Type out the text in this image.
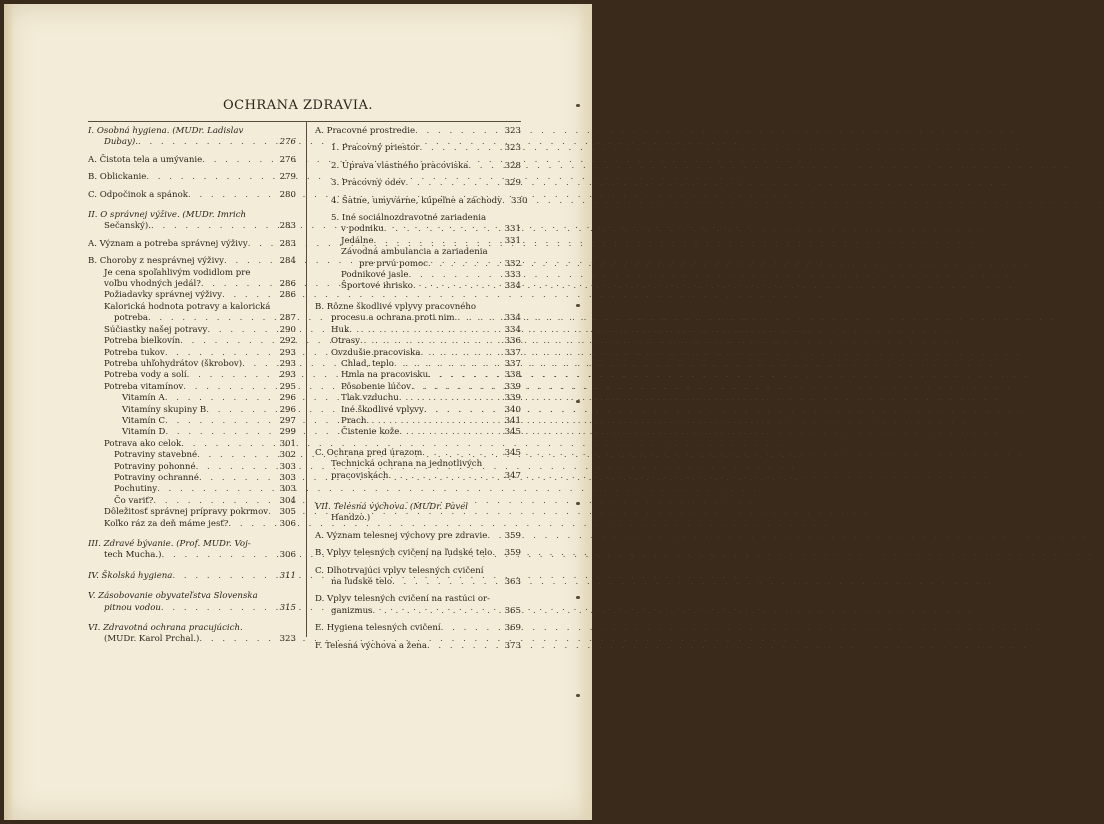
OCHRANA ZDRAVIA.
I. Osobná hygiena. (MUDr. Ladislav
Dubay). . . .	276
A. Čistota tela a umývanie . . .	276
B. Oblickanie . . .	279
C. Odpočinok a spánok . . .	280
II. O správnej výžive. (MUDr. Imrich
Sečanský). . . .	283
A. Význam a potreba správnej výživy . . .	283
B. Choroby z nesprávnej výživy . . .	284
Je cena spoľahlivým vodidlom pre
voľbu vhodných jedál? . . .	286
Požiadavky správnej výživy . . .	286
Kalorická hodnota potravy a kalorická
potreba . . .	287
Súčiastky našej potravy . . .	290
Potreba bielkovín . . .	292
Potreba tukov . . .	293
Potreba uhľohydrátov (škrobov) . . .	293
Potreba vody a solí . . .	293
Potreba vitamínov . . .	295
Vitamín A . . .	296
Vitamíny skupiny B . . .	296
Vitamín C . . .	297
Vitamín D . . .	299
Potrava ako celok . . .	301
Potraviny stavebné . . .	302
Potraviny pohonné . . .	303
Potraviny ochranné . . .	303
Pochutiny . . .	303
Čo variť? . . .	304
Dôležitosť správnej prípravy pokrmov . . .	305
Koľko ráz za deň máme jesť? . . .	306
III. Zdravé bývanie. (Prof. MUDr. Voj-
tech Mucha.) . . .	306
IV. Školská hygiena . . .	311
V. Zásobovanie obyvateľstva Slovenska
pitnou vodou . . .	315
VI. Zdravotná ochrana pracujúcich.
(MUDr. Karol Prchal.) . . .	323
A. Pracovné prostredie . . .	323
1. Pracovný priestor . . .	323
2. Úprava vlastného pracoviska . . .	328
3. Pracovný odev . . .	329
4. Šatne, umyvárne, kúpeľne a záchody . . .	330
5. Iné sociálnozdravotné zariadenia
v podniku . . .	331
Jedálne . . .	331
Závodná ambulancia a zariadenia
pre prvú pomoc . . .	332
Podnikové jasle . . .	333
Športové ihrisko . . .	334
B. Rôzne škodlivé vplyvy pracovného
procesu a ochrana proti nim . . .	334
Huk . . .	334
Otrasy . . .	336
Ovzdušie pracoviska . . .	337
Chlad, teplo . . .	337
Hmla na pracovisku . . .	338
Pôsobenie lúčov . . .	339
Tlak vzduchu . . .	339
Iné škodlivé vplyvy . . .	340
Prach . . .	341
Čistenie kože . . .	345
C. Ochrana pred úrazom . . .	345
Technická ochrana na jednotlivých
pracoviskách . . .	347
VII. Telesná výchova. (MUDr. Pavel
Handzo.)
A. Význam telesnej výchovy pre zdravie . . .	359
B. Vplyv telesných cvičení na ľudské telo . . .	359
C. Dlhotrvajúci vplyv telesných cvičení
na ľudské telo . . .	363
D. Vplyv telesných cvičení na rastúci or-
ganizmus . . .	365
E. Hygiena telesných cvičení . . .	369
F. Telesná výchova a žena . . .	373
